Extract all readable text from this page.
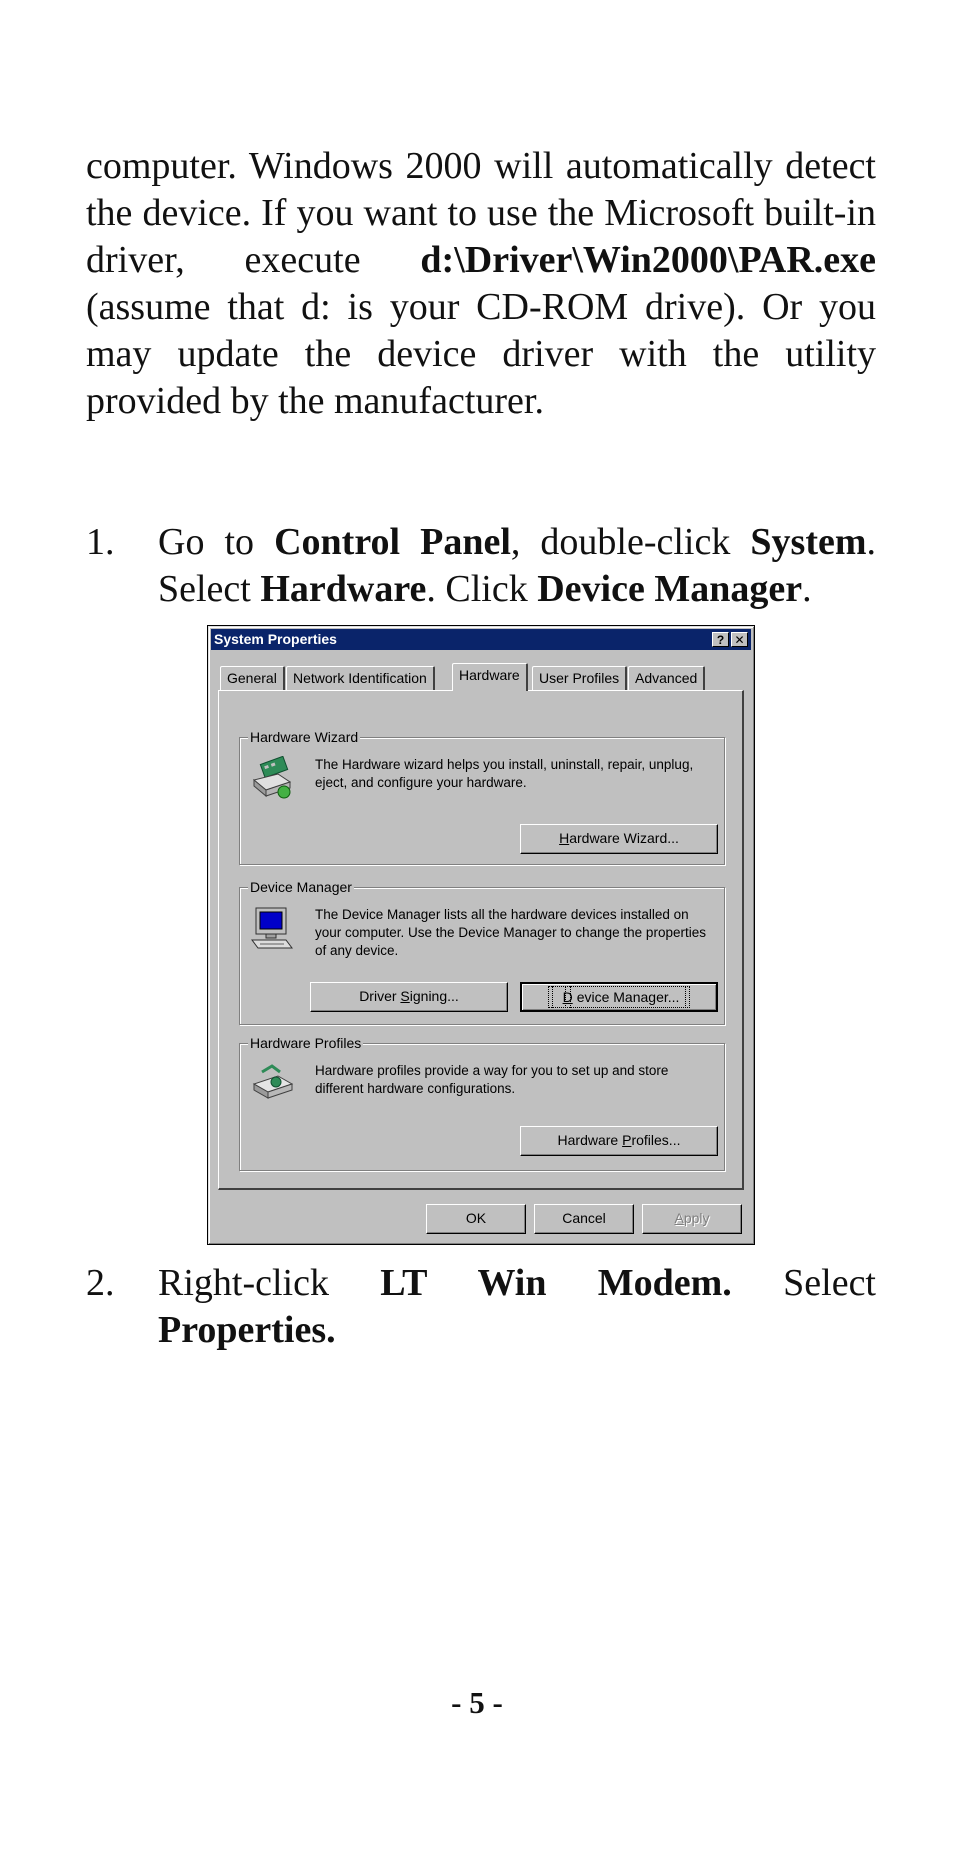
computer. Windows 2000 will automatically detect the device. If you want to use the Microsoft built-in driver, execute d:\Driver\Win2000\PAR.exe (assume that d: is your CD-ROM drive). Or you may update the device driver with the utility provided by the manufacturer.
1. Go to Control Panel, double-click System. Select Hardware. Click Device Manager.
System Properties	? ✕
General	Network Identification	Hardware	User Profiles	Advanced
Hardware Wizard
The Hardware wizard helps you install, uninstall, repair, unplug, eject, and configure your hardware.
Hardware Wizard...
Device Manager
The Device Manager lists all the hardware devices installed on your computer. Use the Device Manager to change the properties of any device.
Driver Signing...	D evice Manager...
Hardware Profiles
Hardware profiles provide a way for you to set up and store different hardware configurations.
Hardware Profiles...
OK	Cancel	Apply
2. Right-click LT Win Modem. Select Properties.
- 5 -
